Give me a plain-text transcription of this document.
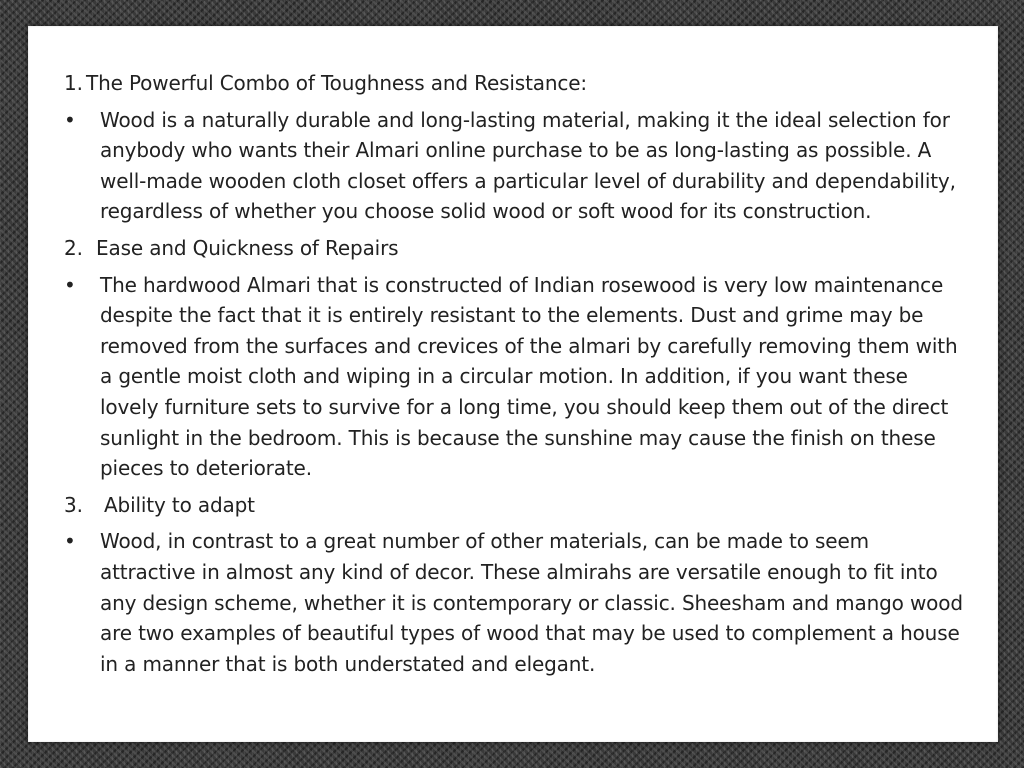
1. The Powerful Combo of Toughness and Resistance:
•	Wood is a naturally durable and long-lasting material, making it the ideal selection for anybody who wants their Almari online purchase to be as long-lasting as possible. A well-made wooden cloth closet offers a particular level of durability and dependability, regardless of whether you choose solid wood or soft wood for its construction.
2. Ease and Quickness of Repairs
•	The hardwood Almari that is constructed of Indian rosewood is very low maintenance despite the fact that it is entirely resistant to the elements. Dust and grime may be removed from the surfaces and crevices of the almari by carefully removing them with a gentle moist cloth and wiping in a circular motion. In addition, if you want these lovely furniture sets to survive for a long time, you should keep them out of the direct sunlight in the bedroom. This is because the sunshine may cause the finish on these pieces to deteriorate.
3.	Ability to adapt
•	Wood, in contrast to a great number of other materials, can be made to seem attractive in almost any kind of decor. These almirahs are versatile enough to fit into any design scheme, whether it is contemporary or classic. Sheesham and mango wood are two examples of beautiful types of wood that may be used to complement a house in a manner that is both understated and elegant.
